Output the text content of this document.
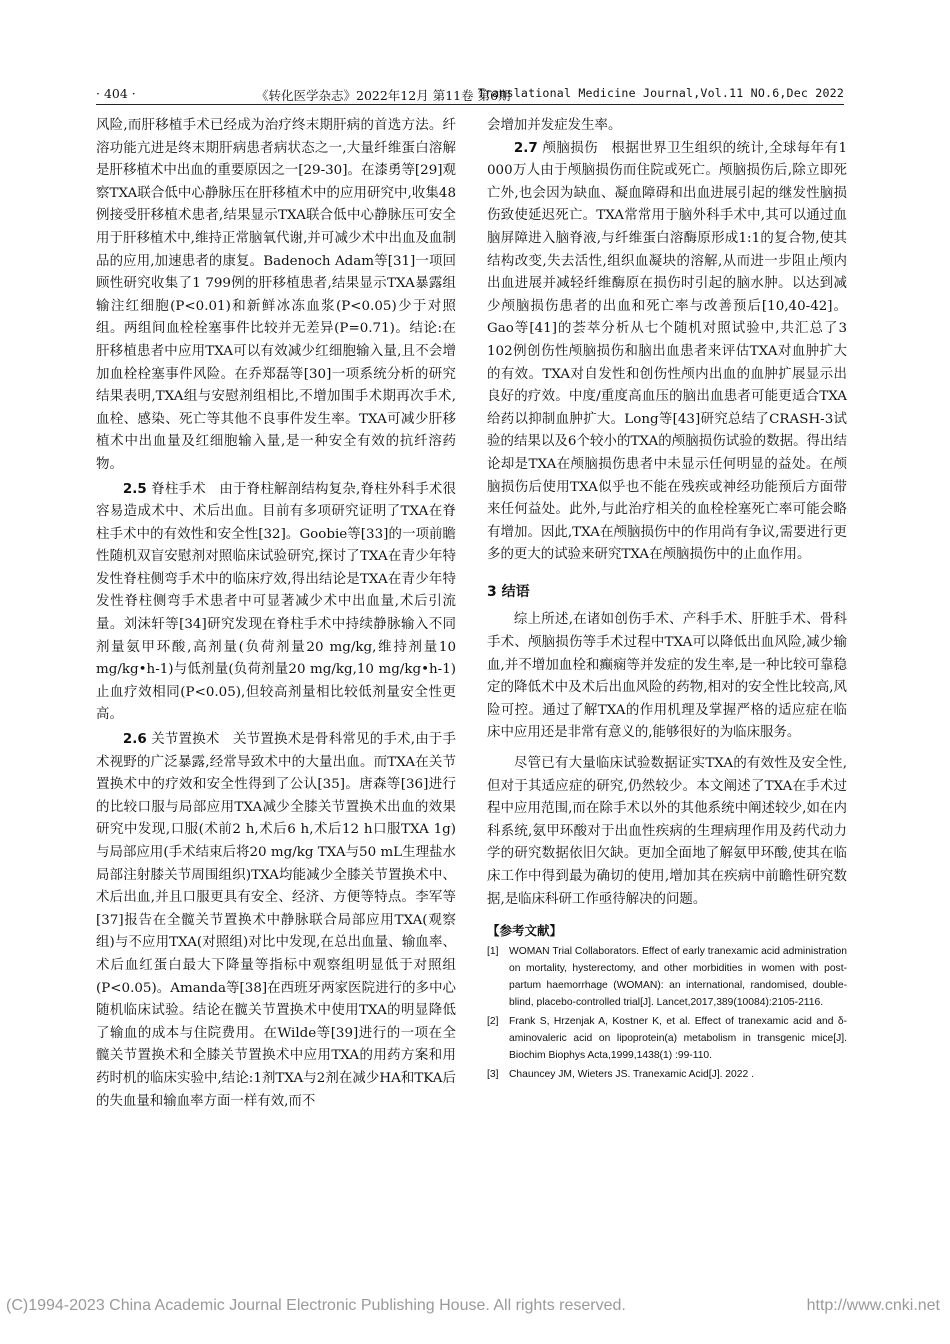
· 404 ·	《转化医学杂志》2022年12月 第11卷 第6期
Translational Medicine Journal,Vol.11 NO.6,Dec 2022

风险,而肝移植手术已经成为治疗终末期肝病的首选方法。纤溶功能亢进是终末期肝病患者病状态之一,大量纤维蛋白溶解是肝移植术中出血的重要原因之一[29-30]。在漆勇等[29]观察TXA联合低中心静脉压在肝移植术中的应用研究中,收集48例接受肝移植术患者,结果显示TXA联合低中心静脉压可安全用于肝移植术中,维持正常脑氧代谢,并可减少术中出血及血制品的应用,加速患者的康复。Badenoch Adam等[31]一项回顾性研究收集了1 799例的肝移植患者,结果显示TXA暴露组输注红细胞(P<0.01)和新鲜冰冻血浆(P<0.05)少于对照组。两组间血栓栓塞事件比较并无差异(P=0.71)。结论:在肝移植患者中应用TXA可以有效减少红细胞输入量,且不会增加血栓栓塞事件风险。在乔郑磊等[30]一项系统分析的研究结果表明,TXA组与安慰剂组相比,不增加围手术期再次手术,血栓、感染、死亡等其他不良事件发生率。TXA可减少肝移植术中出血量及红细胞输入量,是一种安全有效的抗纤溶药物。

2.5 脊柱手术 由于脊柱解剖结构复杂,脊柱外科手术很容易造成术中、术后出血。目前有多项研究证明了TXA在脊柱手术中的有效性和安全性[32]。Goobie等[33]的一项前瞻性随机双盲安慰剂对照临床试验研究,探讨了TXA在青少年特发性脊柱侧弯手术中的临床疗效,得出结论是TXA在青少年特发性脊柱侧弯手术患者中可显著减少术中出血量,术后引流量。刘沫轩等[34]研究发现在脊柱手术中持续静脉输入不同剂量氨甲环酸,高剂量(负荷剂量20 mg/kg,维持剂量10 mg/kg•h-1)与低剂量(负荷剂量20 mg/kg,10 mg/kg•h-1)止血疗效相同(P<0.05),但较高剂量相比较低剂量安全性更高。

2.6 关节置换术 关节置换术是骨科常见的手术,由于手术视野的广泛暴露,经常导致术中的大量出血。而TXA在关节置换术中的疗效和安全性得到了公认[35]。唐森等[36]进行的比较口服与局部应用TXA减少全膝关节置换术出血的效果研究中发现,口服(术前2 h,术后6 h,术后12 h口服TXA 1g)与局部应用(手术结束后将20 mg/kg TXA与50 mL生理盐水局部注射膝关节周围组织)TXA均能减少全膝关节置换术中、术后出血,并且口服更具有安全、经济、方便等特点。李军等[37]报告在全髋关节置换术中静脉联合局部应用TXA(观察组)与不应用TXA(对照组)对比中发现,在总出血量、输血率、术后血红蛋白最大下降量等指标中观察组明显低于对照组(P<0.05)。Amanda等[38]在西班牙两家医院进行的多中心随机临床试验。结论在髋关节置换术中使用TXA的明显降低了输血的成本与住院费用。在Wilde等[39]进行的一项在全髋关节置换术和全膝关节置换术中应用TXA的用药方案和用药时机的临床实验中,结论:1剂TXA与2剂在减少HA和TKA后的失血量和输血率方面一样有效,而不

会增加并发症发生率。

2.7 颅脑损伤 根据世界卫生组织的统计,全球每年有1 000万人由于颅脑损伤而住院或死亡。颅脑损伤后,除立即死亡外,也会因为缺血、凝血障碍和出血进展引起的继发性脑损伤致使延迟死亡。TXA常常用于脑外科手术中,其可以通过血脑屏障进入脑脊液,与纤维蛋白溶酶原形成1:1的复合物,使其结构改变,失去活性,组织血凝块的溶解,从而进一步阻止颅内出血进展并减轻纤维酶原在损伤时引起的脑水肿。以达到减少颅脑损伤患者的出血和死亡率与改善预后[10,40-42]。Gao等[41]的荟萃分析从七个随机对照试验中,共汇总了3 102例创伤性颅脑损伤和脑出血患者来评估TXA对血肿扩大的有效。TXA对自发性和创伤性颅内出血的血肿扩展显示出良好的疗效。中度/重度高血压的脑出血患者可能更适合TXA给药以抑制血肿扩大。Long等[43]研究总结了CRASH-3试验的结果以及6个较小的TXA的颅脑损伤试验的数据。得出结论却是TXA在颅脑损伤患者中未显示任何明显的益处。在颅脑损伤后使用TXA似乎也不能在残疾或神经功能预后方面带来任何益处。此外,与此治疗相关的血栓栓塞死亡率可能会略有增加。因此,TXA在颅脑损伤中的作用尚有争议,需要进行更多的更大的试验来研究TXA在颅脑损伤中的止血作用。

3 结语

综上所述,在诸如创伤手术、产科手术、肝脏手术、骨科手术、颅脑损伤等手术过程中TXA可以降低出血风险,减少输血,并不增加血栓和癫痫等并发症的发生率,是一种比较可靠稳定的降低术中及术后出血风险的药物,相对的安全性比较高,风险可控。通过了解TXA的作用机理及掌握严格的适应症在临床中应用还是非常有意义的,能够很好的为临床服务。

尽管已有大量临床试验数据证实TXA的有效性及安全性,但对于其适应症的研究,仍然较少。本文阐述了TXA在手术过程中应用范围,而在除手术以外的其他系统中阐述较少,如在内科系统,氨甲环酸对于出血性疾病的生理病理作用及药代动力学的研究数据依旧欠缺。更加全面地了解氨甲环酸,使其在临床工作中得到最为确切的使用,增加其在疾病中前瞻性研究数据,是临床科研工作亟待解决的问题。

【参考文献】
[1]	WOMAN Trial Collaborators. Effect of early tranexamic acid administration on mortality, hysterectomy, and other morbidities in women with post-partum haemorrhage (WOMAN): an international, randomised, double-blind, placebo-controlled trial[J]. Lancet,2017,389(10084):2105-2116.
[2]	Frank S, Hrzenjak A, Kostner K, et al. Effect of tranexamic acid and δ-aminovaleric acid on lipoprotein(a) metabolism in transgenic mice[J]. Biochim Biophys Acta,1999,1438(1) :99-110.
[3]	Chauncey JM, Wieters JS. Tranexamic Acid[J]. 2022 .
(C)1994-2023 China Academic Journal Electronic Publishing House. All rights reserved.	http://www.cnki.net
